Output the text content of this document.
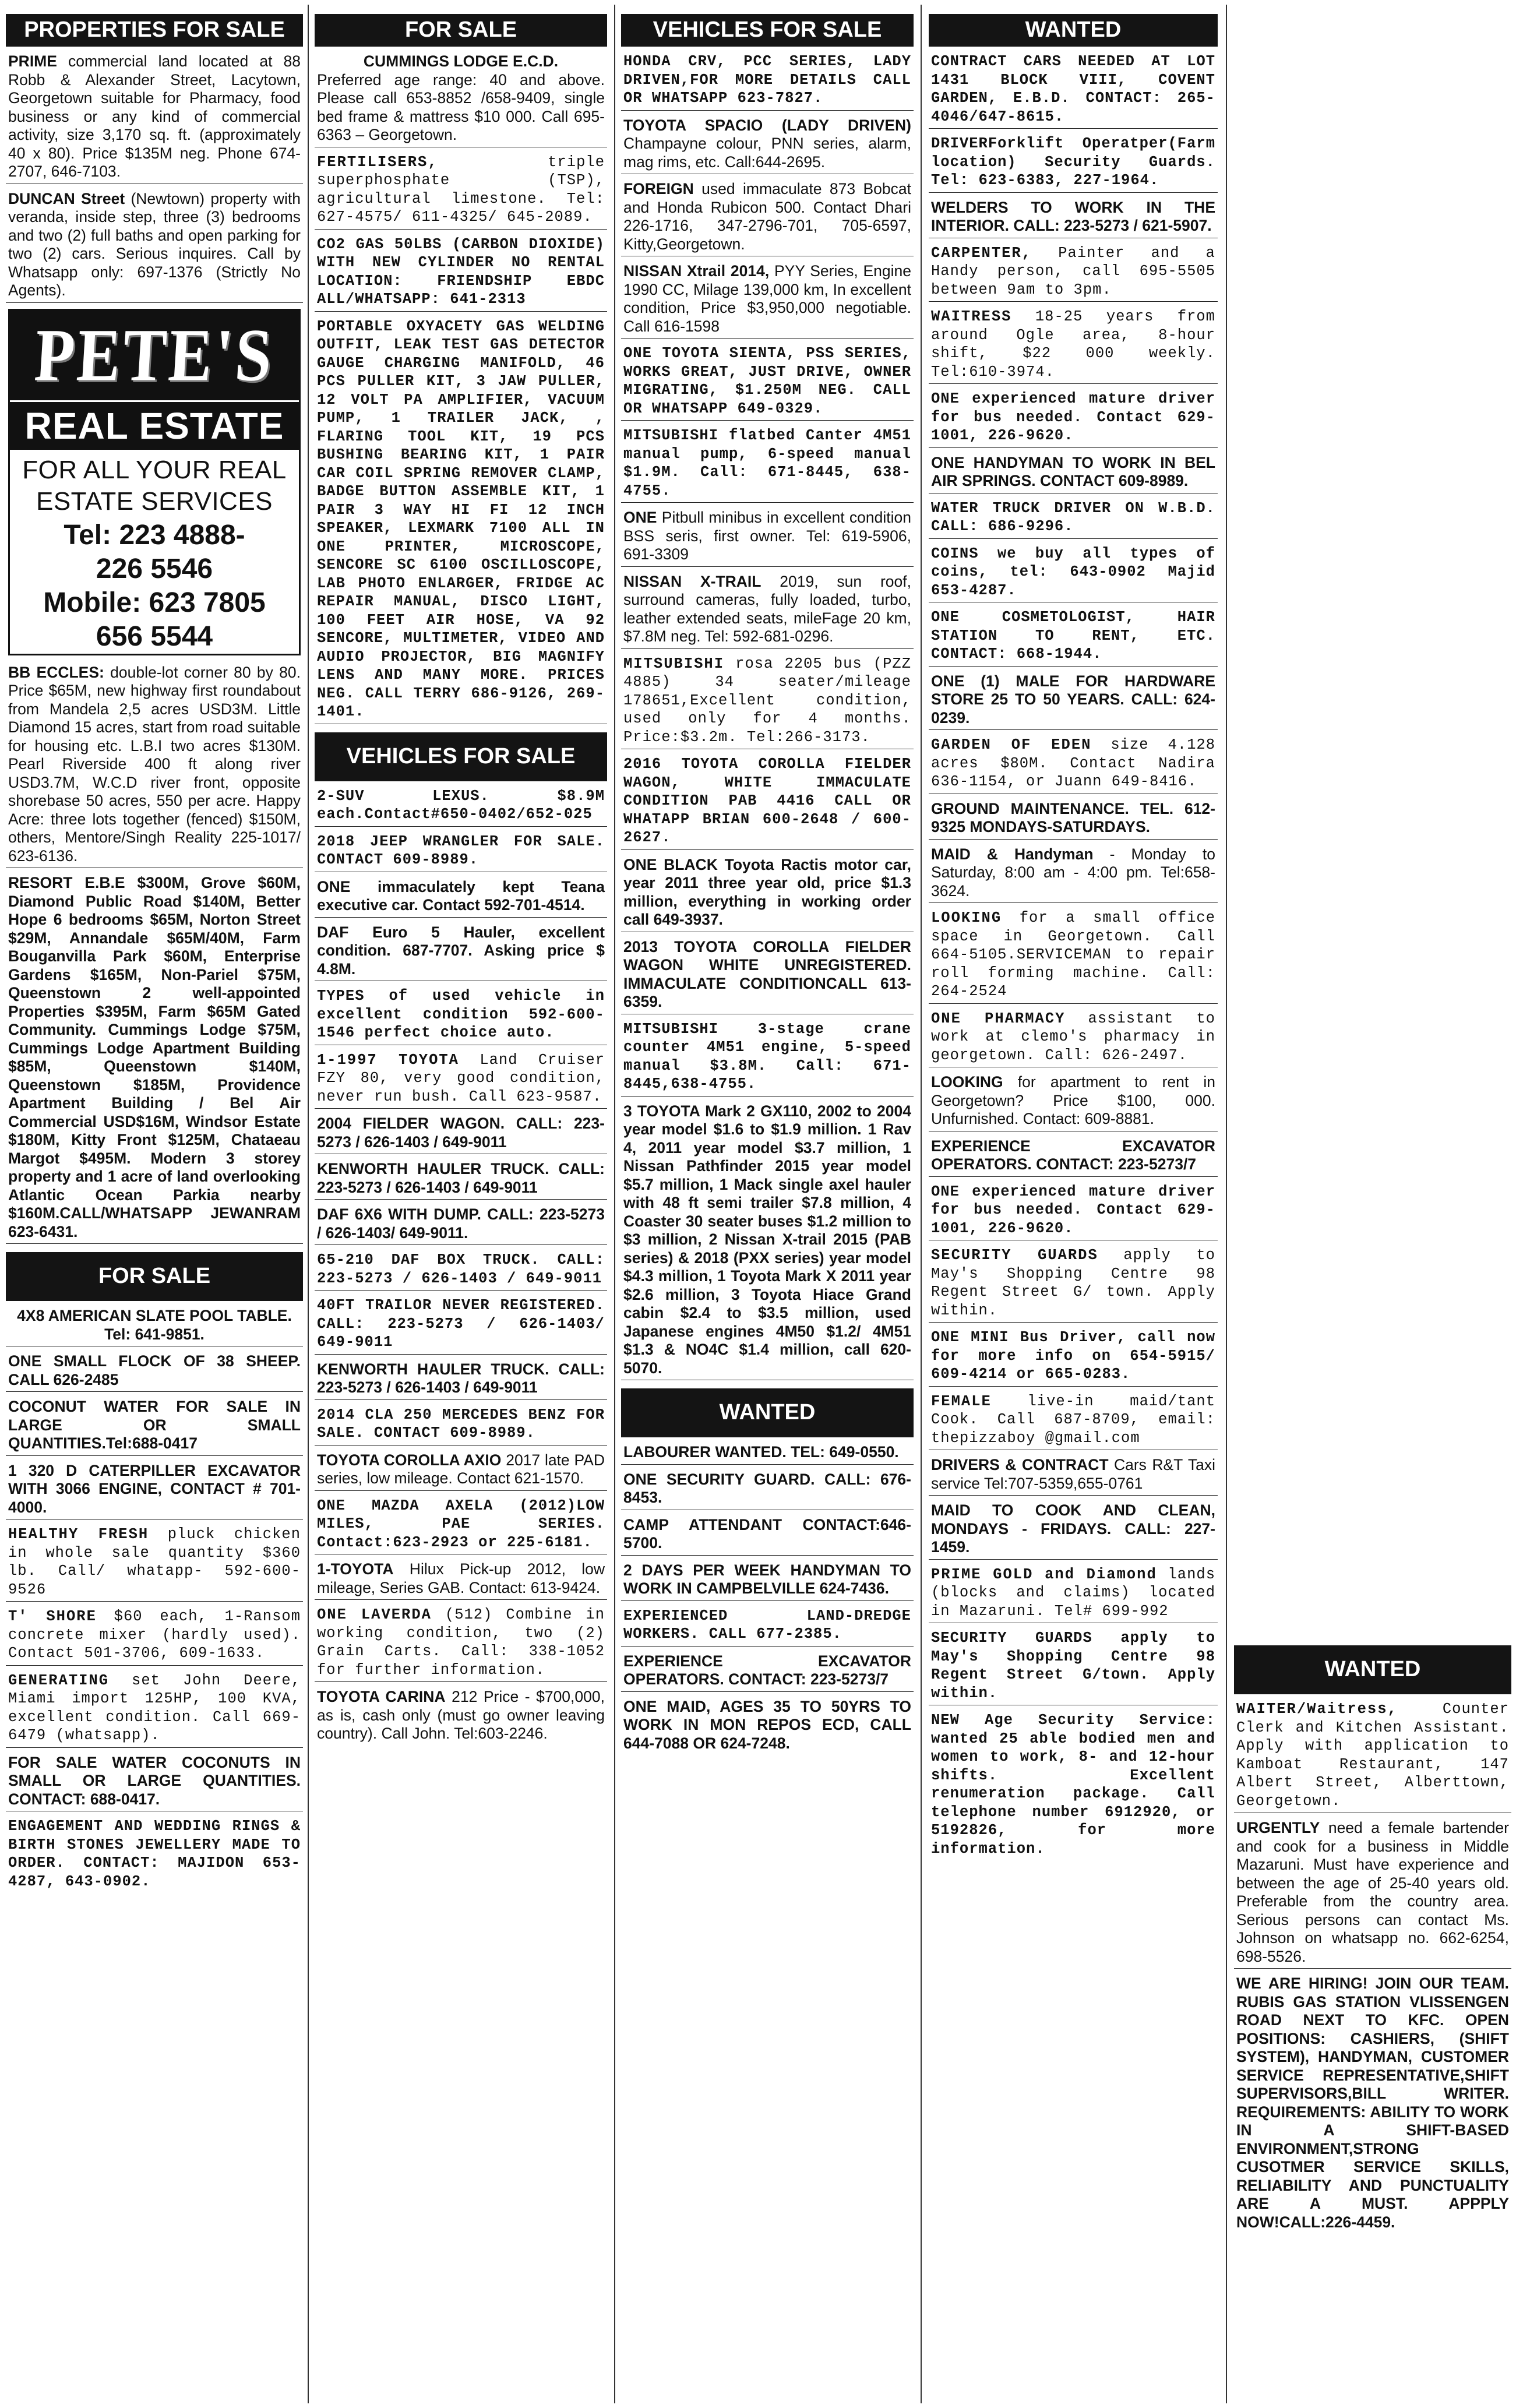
PROPERTIES FOR SALE
PRIME commercial land located at 88 Robb & Alexander Street, Lacytown, Georgetown suitable for Pharmacy, food business or any kind of commercial activity, size 3,170 sq. ft. (approximately 40 x 80). Price $135M neg. Phone 674-2707, 646-7103.
DUNCAN Street (Newtown) property with veranda, inside step, three (3) bedrooms and two (2) full baths and open parking for two (2) cars. Serious inquires. Call by Whatsapp only: 697-1376 (Strictly No Agents).
PETE'S
REAL ESTATE
FOR ALL YOUR REAL
ESTATE SERVICES
Tel: 223 4888-
226 5546
Mobile: 623 7805
656 5544
BB ECCLES: double-lot corner 80 by 80. Price $65M, new highway first roundabout from Mandela 2,5 acres USD3M. Little Diamond 15 acres, start from road suitable for housing etc. L.B.I two acres $130M. Pearl Riverside 400 ft along river USD3.7M, W.C.D river front, opposite shorebase 50 acres, 550 per acre. Happy Acre: three lots together (fenced) $150M, others, Mentore/Singh Reality 225-1017/ 623-6136.
RESORT E.B.E $300M, Grove $60M, Diamond Public Road $140M, Better Hope 6 bedrooms $65M, Norton Street $29M, Annandale $65M/40M, Farm Bouganvilla Park $60M, Enterprise Gardens $165M, Non-Pariel $75M, Queenstown 2 well-appointed Properties $395M, Farm $65M Gated Community. Cummings Lodge $75M, Cummings Lodge Apartment Building $85M, Queenstown $140M, Queenstown $185M, Providence Apartment Building / Bel Air Commercial USD$16M, Windsor Estate $180M, Kitty Front $125M, Chataeau Margot $495M. Modern 3 storey property and 1 acre of land overlooking Atlantic Ocean Parkia nearby $160M.CALL/WHATSAPP JEWANRAM 623-6431.
FOR SALE
4X8 AMERICAN SLATE POOL TABLE. Tel: 641-9851.
ONE SMALL FLOCK OF 38 SHEEP. CALL 626-2485
COCONUT WATER FOR SALE IN LARGE OR SMALL QUANTITIES.Tel:688-0417
1 320 D CATERPILLER EXCAVATOR WITH 3066 ENGINE, CONTACT # 701-4000.
HEALTHY FRESH pluck chicken in whole sale quantity $360 lb. Call/ whatapp- 592-600-9526
T' SHORE $60 each, 1-Ransom concrete mixer (hardly used). Contact 501-3706, 609-1633.
GENERATING set John Deere, Miami import 125HP, 100 KVA, excellent condition. Call 669-6479 (whatsapp).
FOR SALE WATER COCONUTS IN SMALL OR LARGE QUANTITIES. CONTACT: 688-0417.
ENGAGEMENT AND WEDDING RINGS & BIRTH STONES JEWELLERY MADE TO ORDER. CONTACT: MAJIDON 653-4287, 643-0902.
FOR SALE
CUMMINGS LODGE E.C.D.
Preferred age range: 40 and above. Please call 653-8852 /658-9409, single bed frame & mattress $10 000. Call 695-6363 – Georgetown.
FERTILISERS, triple superphosphate (TSP), agricultural limestone. Tel: 627-4575/ 611-4325/ 645-2089.
CO2 GAS 50LBS (CARBON DIOXIDE) WITH NEW CYLINDER NO RENTAL LOCATION: FRIENDSHIP EBDC ALL/WHATSAPP: 641-2313
PORTABLE OXYACETY GAS WELDING OUTFIT, LEAK TEST GAS DETECTOR GAUGE CHARGING MANIFOLD, 46 PCS PULLER KIT, 3 JAW PULLER, 12 VOLT PA AMPLIFIER, VACUUM PUMP, 1 TRAILER JACK, , FLARING TOOL KIT, 19 PCS BUSHING BEARING KIT, 1 PAIR CAR COIL SPRING REMOVER CLAMP, BADGE BUTTON ASSEMBLE KIT, 1 PAIR 3 WAY HI FI 12 INCH SPEAKER, LEXMARK 7100 ALL IN ONE PRINTER, MICROSCOPE, SENCORE SC 6100 OSCILLOSCOPE, LAB PHOTO ENLARGER, FRIDGE AC REPAIR MANUAL, DISCO LIGHT, 100 FEET AIR HOSE, VA 92 SENCORE, MULTIMETER, VIDEO AND AUDIO PROJECTOR, BIG MAGNIFY LENS AND MANY MORE. PRICES NEG. CALL TERRY 686-9126, 269-1401.
VEHICLES FOR SALE
2-SUV LEXUS. $8.9M each.Contact#650-0402/652-025
2018 JEEP WRANGLER FOR SALE. CONTACT 609-8989.
ONE immaculately kept Teana executive car. Contact 592-701-4514.
DAF Euro 5 Hauler, excellent condition. 687-7707. Asking price $ 4.8M.
TYPES of used vehicle in excellent condition 592-600-1546 perfect choice auto.
1-1997 TOYOTA Land Cruiser FZY 80, very good condition, never run bush. Call 623-9587.
2004 FIELDER WAGON. CALL: 223-5273 / 626-1403 / 649-9011
KENWORTH HAULER TRUCK. CALL: 223-5273 / 626-1403 / 649-9011
DAF 6X6 WITH DUMP. CALL: 223-5273 / 626-1403/ 649-9011.
65-210 DAF BOX TRUCK. CALL: 223-5273 / 626-1403 / 649-9011
40FT TRAILOR NEVER REGISTERED. CALL: 223-5273 / 626-1403/ 649-9011
KENWORTH HAULER TRUCK. CALL: 223-5273 / 626-1403 / 649-9011
2014 CLA 250 MERCEDES BENZ FOR SALE. CONTACT 609-8989.
TOYOTA COROLLA AXIO 2017 late PAD series, low mileage. Contact 621-1570.
ONE MAZDA AXELA (2012)LOW MILES, PAE SERIES. Contact:623-2923 or 225-6181.
1-TOYOTA Hilux Pick-up 2012, low mileage, Series GAB. Contact: 613-9424.
ONE LAVERDA (512) Combine in working condition, two (2) Grain Carts. Call: 338-1052 for further information.
TOYOTA CARINA 212 Price - $700,000, as is, cash only (must go owner leaving country). Call John. Tel:603-2246.
VEHICLES FOR SALE
HONDA CRV, PCC SERIES, LADY DRIVEN,FOR MORE DETAILS CALL OR WHATSAPP 623-7827.
TOYOTA SPACIO (LADY DRIVEN) Champayne colour, PNN series, alarm, mag rims, etc. Call:644-2695.
FOREIGN used immaculate 873 Bobcat and Honda Rubicon 500. Contact Dhari 226-1716, 347-2796-701, 705-6597, Kitty,Georgetown.
NISSAN Xtrail 2014, PYY Series, Engine 1990 CC, Milage 139,000 km, In excellent condition, Price $3,950,000 negotiable. Call 616-1598
ONE TOYOTA SIENTA, PSS SERIES, WORKS GREAT, JUST DRIVE, OWNER MIGRATING, $1.250M NEG. CALL OR WHATSAPP 649-0329.
MITSUBISHI flatbed Canter 4M51 manual pump, 6-speed manual $1.9M. Call: 671-8445, 638-4755.
ONE Pitbull minibus in excellent condition BSS seris, first owner. Tel: 619-5906, 691-3309
NISSAN X-TRAIL 2019, sun roof, surround cameras, fully loaded, turbo, leather extended seats, mileFage 20 km, $7.8M neg. Tel: 592-681-0296.
MITSUBISHI rosa 2205 bus (PZZ 4885) 34 seater/mileage 178651,Excellent condition, used only for 4 months. Price:$3.2m. Tel:266-3173.
2016 TOYOTA COROLLA FIELDER WAGON, WHITE IMMACULATE CONDITION PAB 4416 CALL OR WHATAPP BRIAN 600-2648 / 600-2627.
ONE BLACK Toyota Ractis motor car, year 2011 three year old, price $1.3 million, everything in working order call 649-3937.
2013 TOYOTA COROLLA FIELDER WAGON WHITE UNREGISTERED. IMMACULATE CONDITIONCALL 613-6359.
MITSUBISHI 3-stage crane counter 4M51 engine, 5-speed manual $3.8M. Call: 671-8445,638-4755.
3 TOYOTA Mark 2 GX110, 2002 to 2004 year model $1.6 to $1.9 million. 1 Rav 4, 2011 year model $3.7 million, 1 Nissan Pathfinder 2015 year model $5.7 million, 1 Mack single axel hauler with 48 ft semi trailer $7.8 million, 4 Coaster 30 seater buses $1.2 million to $3 million, 2 Nissan X-trail 2015 (PAB series) & 2018 (PXX series) year model $4.3 million, 1 Toyota Mark X 2011 year $2.6 million, 3 Toyota Hiace Grand cabin $2.4 to $3.5 million, used Japanese engines 4M50 $1.2/ 4M51 $1.3 & NO4C $1.4 million, call 620-5070.
WANTED
LABOURER WANTED. TEL: 649-0550.
ONE SECURITY GUARD. CALL: 676-8453.
CAMP ATTENDANT CONTACT:646-5700.
2 DAYS PER WEEK HANDYMAN TO WORK IN CAMPBELVILLE 624-7436.
EXPERIENCED LAND-DREDGE WORKERS. CALL 677-2385.
EXPERIENCE EXCAVATOR OPERATORS. CONTACT: 223-5273/7
ONE MAID, AGES 35 TO 50YRS TO WORK IN MON REPOS ECD, CALL 644-7088 OR 624-7248.
WANTED
CONTRACT CARS NEEDED AT LOT 1431 BLOCK VIII, COVENT GARDEN, E.B.D. CONTACT: 265-4046/647-8615.
DRIVERForklift Operatper(Farm location) Security Guards. Tel: 623-6383, 227-1964.
WELDERS TO WORK IN THE INTERIOR. CALL: 223-5273 / 621-5907.
CARPENTER, Painter and a Handy person, call 695-5505 between 9am to 3pm.
WAITRESS 18-25 years from around Ogle area, 8-hour shift, $22 000 weekly. Tel:610-3974.
ONE experienced mature driver for bus needed. Contact 629-1001, 226-9620.
ONE HANDYMAN TO WORK IN BEL AIR SPRINGS. CONTACT 609-8989.
WATER TRUCK DRIVER ON W.B.D. CALL: 686-9296.
COINS we buy all types of coins, tel: 643-0902 Majid 653-4287.
ONE COSMETOLOGIST, HAIR STATION TO RENT, ETC. CONTACT: 668-1944.
ONE (1) MALE FOR HARDWARE STORE 25 TO 50 YEARS. CALL: 624-0239.
GARDEN OF EDEN size 4.128 acres $80M. Contact Nadira 636-1154, or Juann 649-8416.
GROUND MAINTENANCE. TEL. 612-9325 MONDAYS-SATURDAYS.
MAID & Handyman - Monday to Saturday, 8:00 am - 4:00 pm. Tel:658-3624.
LOOKING for a small office space in Georgetown. Call 664-5105.SERVICEMAN to repair roll forming machine. Call: 264-2524
ONE PHARMACY assistant to work at clemo's pharmacy in georgetown. Call: 626-2497.
LOOKING for apartment to rent in Georgetown? Price $100, 000. Unfurnished. Contact: 609-8881.
EXPERIENCE EXCAVATOR OPERATORS. CONTACT: 223-5273/7
ONE experienced mature driver for bus needed. Contact 629-1001, 226-9620.
SECURITY GUARDS apply to May's Shopping Centre 98 Regent Street G/ town. Apply within.
ONE MINI Bus Driver, call now for more info on 654-5915/ 609-4214 or 665-0283.
FEMALE live-in maid/tant Cook. Call 687-8709, email: thepizzaboy @gmail.com
DRIVERS & CONTRACT Cars R&T Taxi service Tel:707-5359,655-0761
MAID TO COOK AND CLEAN, MONDAYS - FRIDAYS. CALL: 227-1459.
PRIME GOLD and Diamond lands (blocks and claims) located in Mazaruni. Tel# 699-992
SECURITY GUARDS apply to May's Shopping Centre 98 Regent Street G/town. Apply within.
NEW Age Security Service: wanted 25 able bodied men and women to work, 8- and 12-hour shifts. Excellent renumeration package. Call telephone number 6912920, or 5192826, for more information.
WANTED
WAITER/Waitress, Counter Clerk and Kitchen Assistant. Apply with application to Kamboat Restaurant, 147 Albert Street, Alberttown, Georgetown.
URGENTLY need a female bartender and cook for a business in Middle Mazaruni. Must have experience and between the age of 25-40 years old. Preferable from the country area. Serious persons can contact Ms. Johnson on whatsapp no. 662-6254, 698-5526.
WE ARE HIRING! JOIN OUR TEAM. RUBIS GAS STATION VLISSENGEN ROAD NEXT TO KFC. OPEN POSITIONS: CASHIERS, (SHIFT SYSTEM), HANDYMAN, CUSTOMER SERVICE REPRESENTATIVE,SHIFT SUPERVISORS,BILL WRITER. REQUIREMENTS: ABILITY TO WORK IN A SHIFT-BASED ENVIRONMENT,STRONG CUSOTMER SERVICE SKILLS, RELIABILITY AND PUNCTUALITY ARE A MUST. APPPLY NOW!CALL:226-4459.
